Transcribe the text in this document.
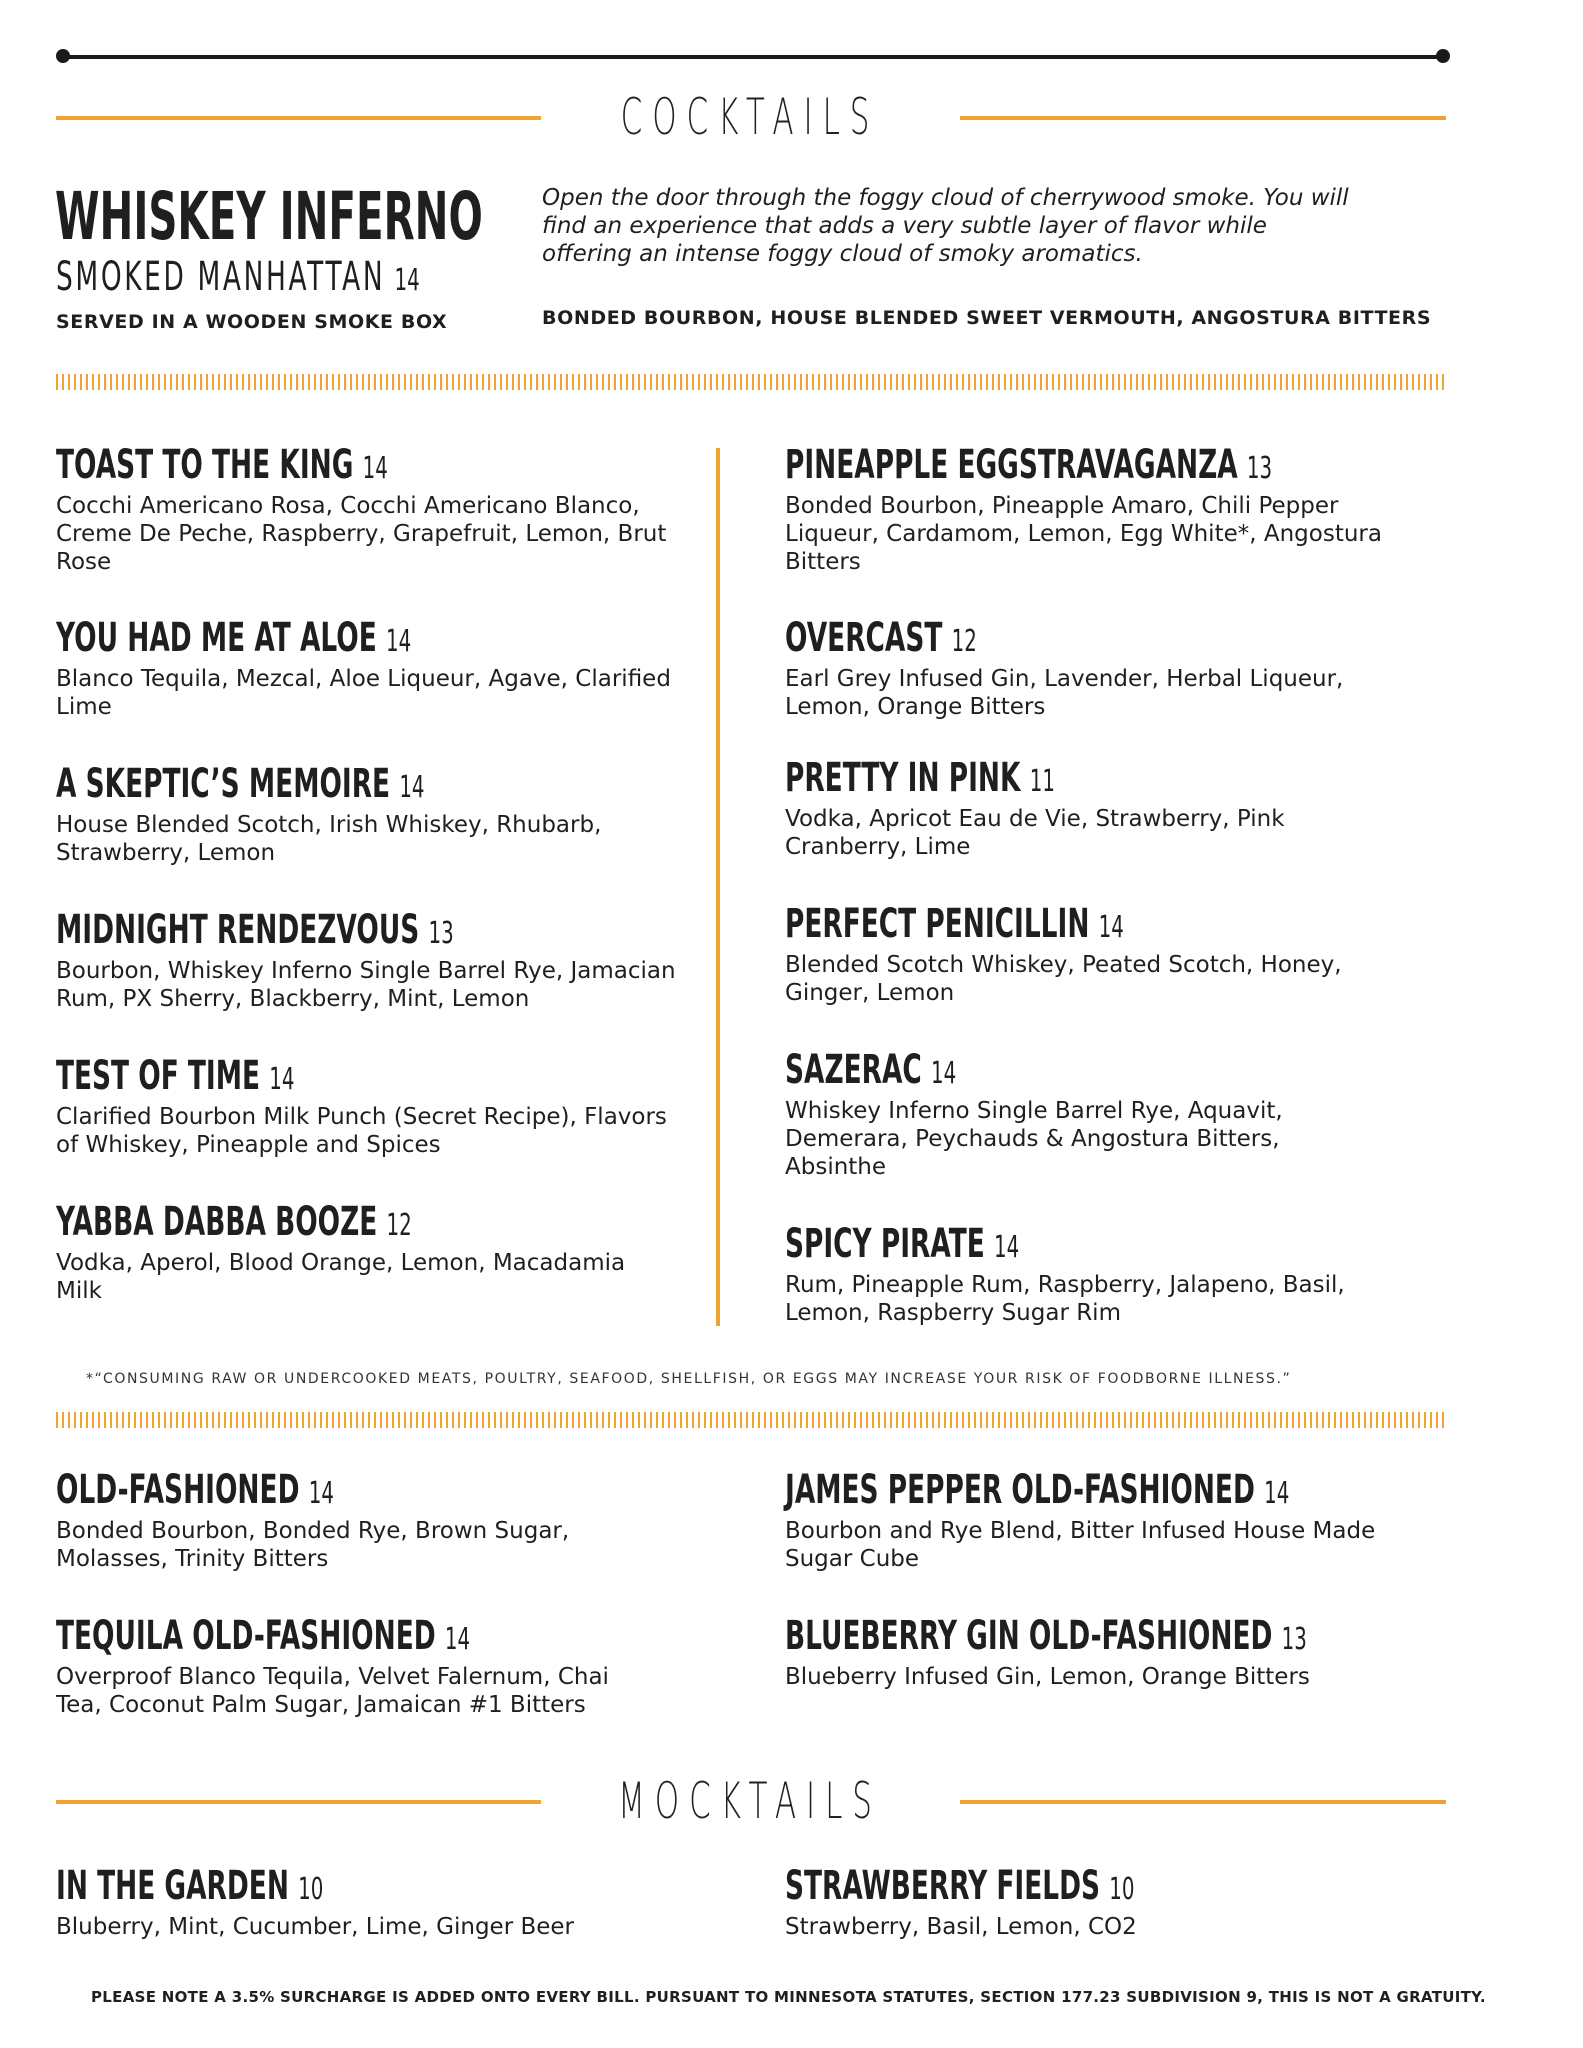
COCKTAILS
WHISKEY INFERNO
SMOKED MANHATTAN 14
SERVED IN A WOODEN SMOKE BOX
Open the door through the foggy cloud of cherrywood smoke. You will find an experience that adds a very subtle layer of flavor while offering an intense foggy cloud of smoky aromatics.
BONDED BOURBON, HOUSE BLENDED SWEET VERMOUTH, ANGOSTURA BITTERS
TOAST TO THE KING 14
Cocchi Americano Rosa, Cocchi Americano Blanco, Creme De Peche, Raspberry, Grapefruit, Lemon, Brut Rose
YOU HAD ME AT ALOE 14
Blanco Tequila, Mezcal, Aloe Liqueur, Agave, Clarified Lime
A SKEPTIC’S MEMOIRE 14
House Blended Scotch, Irish Whiskey, Rhubarb, Strawberry, Lemon
MIDNIGHT RENDEZVOUS 13
Bourbon, Whiskey Inferno Single Barrel Rye, Jamacian Rum, PX Sherry, Blackberry, Mint, Lemon
TEST OF TIME 14
Clarified Bourbon Milk Punch (Secret Recipe), Flavors of Whiskey, Pineapple and Spices
YABBA DABBA BOOZE 12
Vodka, Aperol, Blood Orange, Lemon, Macadamia Milk
PINEAPPLE EGGSTRAVAGANZA 13
Bonded Bourbon, Pineapple Amaro, Chili Pepper Liqueur, Cardamom, Lemon, Egg White*, Angostura Bitters
OVERCAST 12
Earl Grey Infused Gin, Lavender, Herbal Liqueur, Lemon, Orange Bitters
PRETTY IN PINK 11
Vodka, Apricot Eau de Vie, Strawberry, Pink Cranberry, Lime
PERFECT PENICILLIN 14
Blended Scotch Whiskey, Peated Scotch, Honey, Ginger, Lemon
SAZERAC 14
Whiskey Inferno Single Barrel Rye, Aquavit, Demerara, Peychauds & Angostura Bitters, Absinthe
SPICY PIRATE 14
Rum, Pineapple Rum, Raspberry, Jalapeno, Basil, Lemon, Raspberry Sugar Rim
*“CONSUMING RAW OR UNDERCOOKED MEATS, POULTRY, SEAFOOD, SHELLFISH, OR EGGS MAY INCREASE YOUR RISK OF FOODBORNE ILLNESS.”
OLD-FASHIONED 14
Bonded Bourbon, Bonded Rye, Brown Sugar, Molasses, Trinity Bitters
TEQUILA OLD-FASHIONED 14
Overproof Blanco Tequila, Velvet Falernum, Chai Tea, Coconut Palm Sugar, Jamaican #1 Bitters
JAMES PEPPER OLD-FASHIONED 14
Bourbon and Rye Blend, Bitter Infused House Made Sugar Cube
BLUEBERRY GIN OLD-FASHIONED 13
Blueberry Infused Gin, Lemon, Orange Bitters
MOCKTAILS
IN THE GARDEN 10
Bluberry, Mint, Cucumber, Lime, Ginger Beer
STRAWBERRY FIELDS 10
Strawberry, Basil, Lemon, CO2
PLEASE NOTE A 3.5% SURCHARGE IS ADDED ONTO EVERY BILL. PURSUANT TO MINNESOTA STATUTES, SECTION 177.23 SUBDIVISION 9, THIS IS NOT A GRATUITY.
